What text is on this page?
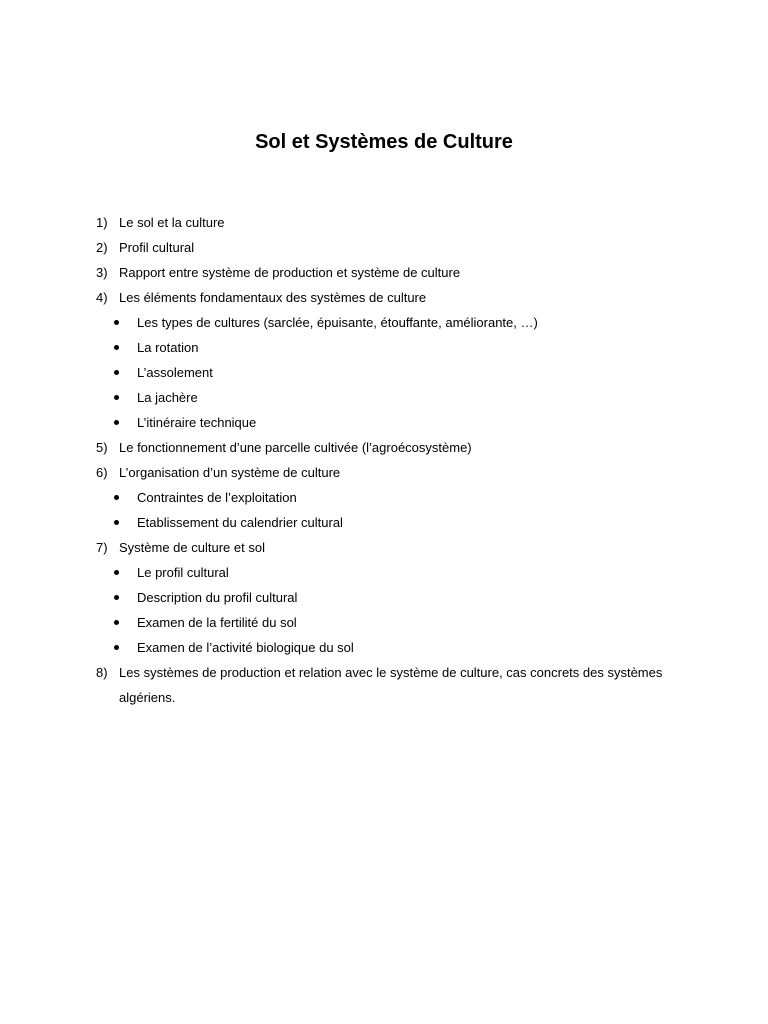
Sol et Systèmes de Culture
1) Le sol et la culture
2) Profil cultural
3) Rapport entre système de production et système de culture
4) Les éléments fondamentaux des systèmes de culture
Les types de cultures (sarclée, épuisante, étouffante, améliorante, …)
La rotation
L’assolement
La jachère
L’itinéraire technique
5) Le fonctionnement d’une parcelle cultivée (l’agroécosystème)
6) L’organisation d’un système de culture
Contraintes de l’exploitation
Etablissement du calendrier cultural
7) Système de culture et sol
Le profil cultural
Description du profil cultural
Examen de la fertilité du sol
Examen de l’activité biologique du sol
8) Les systèmes de production et relation avec le système de culture, cas concrets des systèmes
algériens.
